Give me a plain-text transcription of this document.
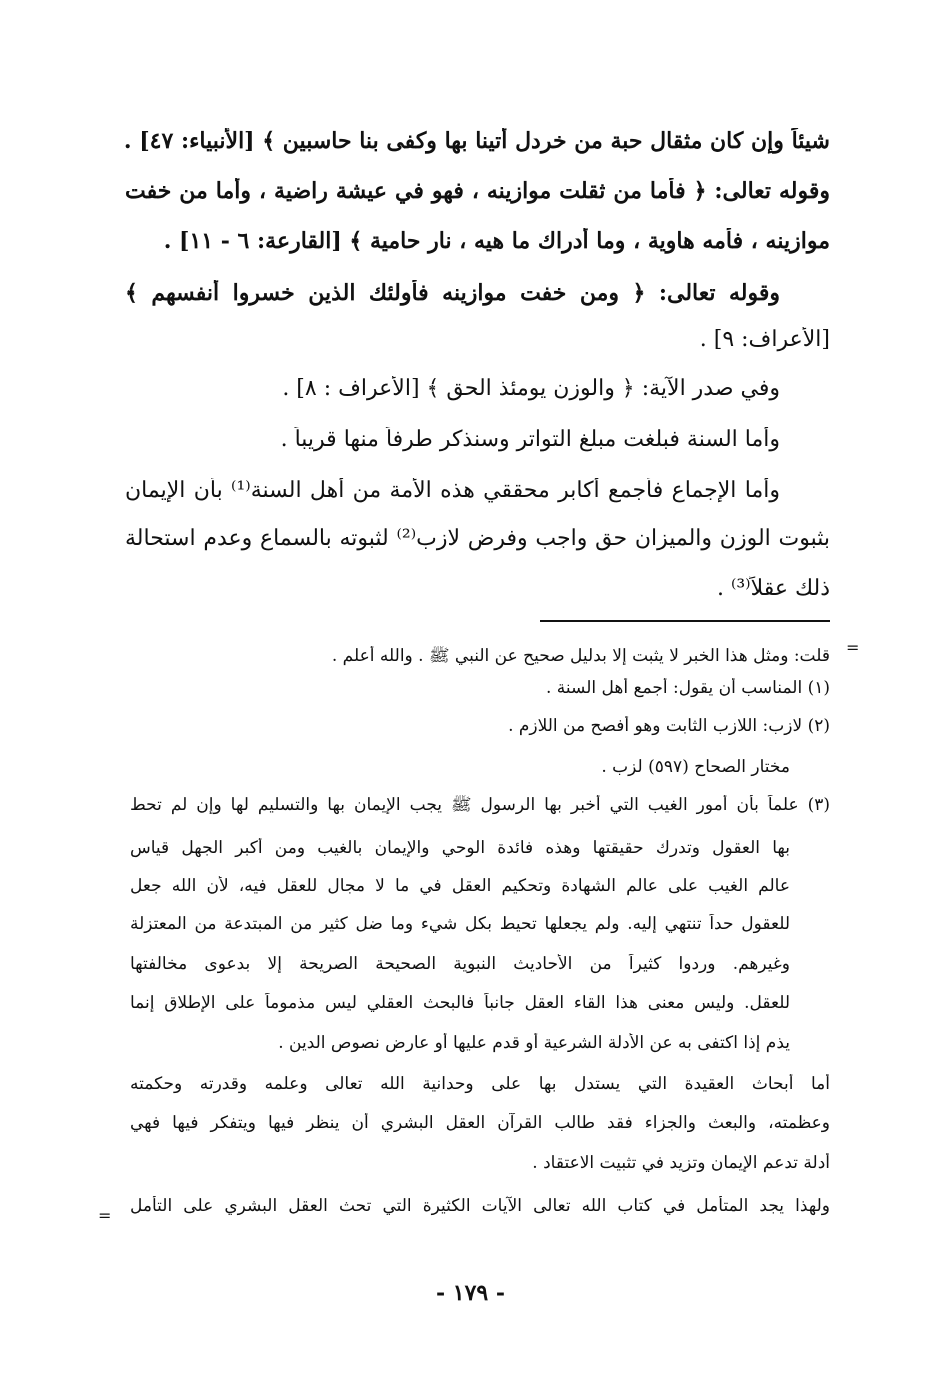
شيئاً وإن كان مثقال حبة من خردل أتينا بها وكفى بنا حاسبين ﴾ [الأنبياء: ٤٧] .
وقوله تعالى: ﴿ فأما من ثقلت موازينه ، فهو في عيشة راضية ، وأما من خفت
موازينه ، فأمه هاوية ، وما أدراك ما هيه ، نار حامية ﴾ [القارعة: ٦ - ١١] .
وقوله تعالى: ﴿ ومن خفت موازينه فأولئك الذين خسروا أنفسهم ﴾
[الأعراف: ٩] .
وفي صدر الآية: ﴿ والوزن يومئذ الحق ﴾ [الأعراف : ٨] .
وأما السنة فبلغت مبلغ التواتر وسنذكر طرفاً منها قريباً .
وأما الإجماع فأجمع أكابر محققي هذه الأمة من أهل السنة⁽¹⁾ بأن الإيمان
بثبوت الوزن والميزان حق واجب وفرض لازب⁽²⁾ لثبوته بالسماع وعدم استحالة
ذلك عقلاً⁽³⁾ .
=
قلت: ومثل هذا الخبر لا يثبت إلا بدليل صحيح عن النبي ﷺ . والله أعلم .
(١) المناسب أن يقول: أجمع أهل السنة .
(٢) لازب: اللازب الثابت وهو أفصح من اللازم .
مختار الصحاح (٥٩٧) لزب .
(٣) علماً بأن أمور الغيب التي أخبر بها الرسول ﷺ يجب الإيمان بها والتسليم لها وإن لم تحط
بها العقول وتدرك حقيقتها وهذه فائدة الوحي والإيمان بالغيب ومن أكبر الجهل قياس
عالم الغيب على عالم الشهادة وتحكيم العقل في ما لا مجال للعقل فيه، لأن الله جعل
للعقول حداً تنتهي إليه. ولم يجعلها تحيط بكل شيء وما ضل كثير من المبتدعة من المعتزلة
وغيرهم. وردوا كثيراً من الأحاديث النبوية الصحيحة الصريحة إلا بدعوى مخالفتها
للعقل. وليس معنى هذا القاء العقل جانباً فالبحث العقلي ليس مذموماً على الإطلاق إنما
يذم إذا اكتفى به عن الأدلة الشرعية أو قدم عليها أو عارض نصوص الدين .
أما أبحاث العقيدة التي يستدل بها على وحدانية الله تعالى وعلمه وقدرته وحكمته
وعظمته، والبعث والجزاء فقد طالب القرآن العقل البشري أن ينظر فيها ويتفكر فيها فهي
أدلة تدعم الإيمان وتزيد في تثبيت الاعتقاد .
ولهذا يجد المتأمل في كتاب الله تعالى الآيات الكثيرة التي تحث العقل البشري على التأمل
=
- ١٧٩ -
